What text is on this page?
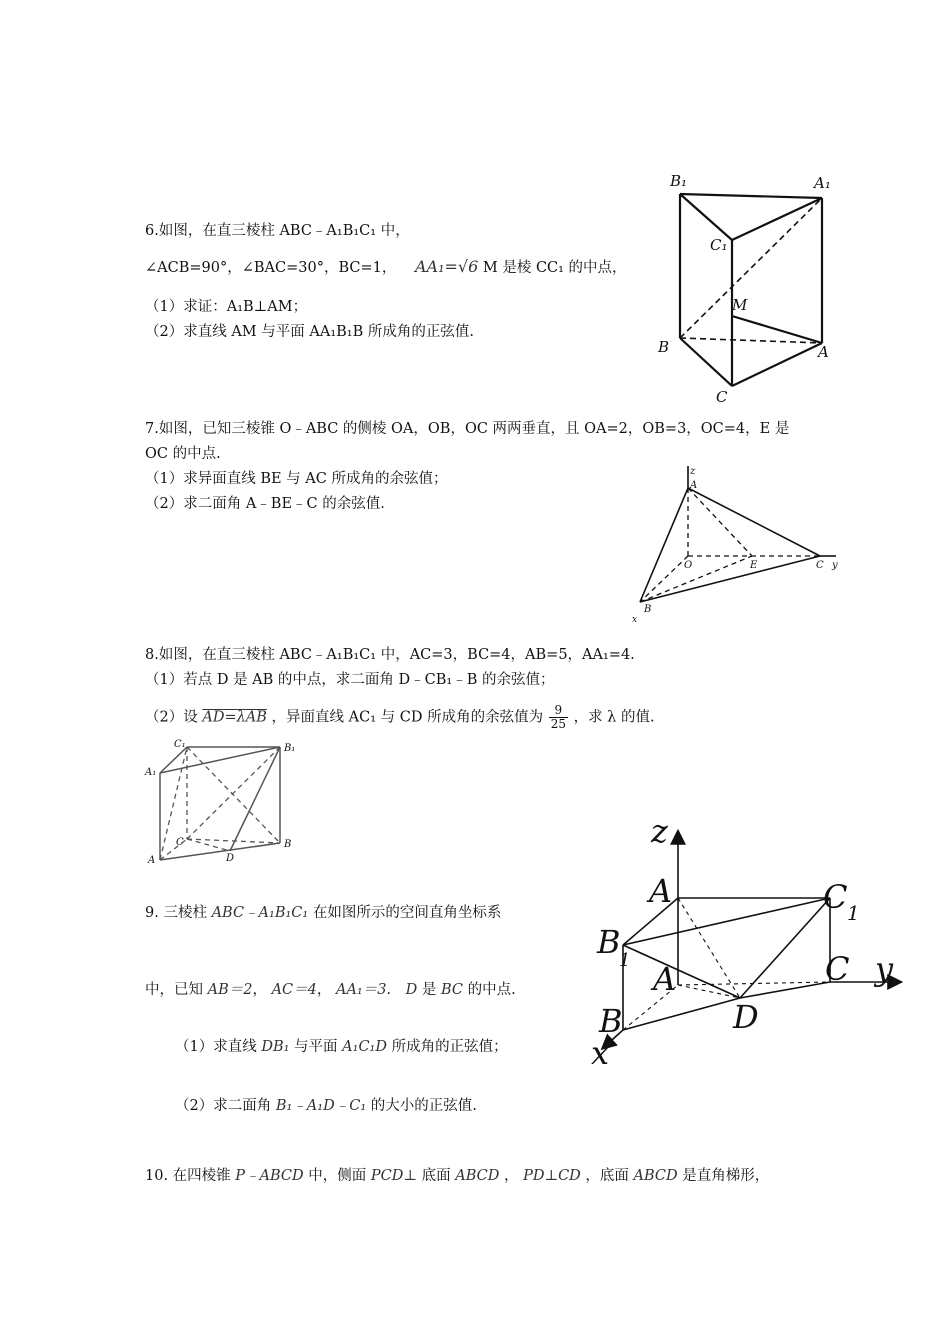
6.如图，在直三棱柱 ABC﹣A₁B₁C₁ 中，
∠ACB=90°，∠BAC=30°，BC=1， AA₁=√6 M 是棱 CC₁ 的中点，
（1）求证：A₁B⊥AM；
（2）求直线 AM 与平面 AA₁B₁B 所成角的正弦值.
B₁	A₁
C₁
M
B	A
C
7.如图，已知三棱锥 O﹣ABC 的侧棱 OA，OB，OC 两两垂直，且 OA=2，OB=3，OC=4，E 是
OC 的中点.
（1）求异面直线 BE 与 AC 所成角的余弦值；
（2）求二面角 A﹣BE﹣C 的余弦值.
z
A
O	E	C y
B
x
8.如图，在直三棱柱 ABC﹣A₁B₁C₁ 中，AC=3，BC=4，AB=5，AA₁=4.
（1）若点 D 是 AB 的中点，求二面角 D﹣CB₁﹣B 的余弦值；
（2）设 AD=λAB ，异面直线 AC₁ 与 CD 所成角的余弦值为 $\frac{9}{25}$ ，求 λ 的值.
C₁	B₁
A₁
C
A	D
B
9. 三棱柱 ABC﹣A₁B₁C₁ 在如图所示的空间直角坐标系
中，已知 AB＝2， AC＝4， AA₁＝3． D 是 BC 的中点.
（1）求直线 DB₁ 与平面 A₁C₁D 所成角的正弦值；
（2）求二面角 B₁﹣A₁D﹣C₁ 的大小的正弦值.
z
A	C 1
B
1 A	C y
D
B
x
10. 在四棱锥 P﹣ABCD 中，侧面 PCD⊥ 底面 ABCD ， PD⊥CD ，底面 ABCD 是直角梯形，
